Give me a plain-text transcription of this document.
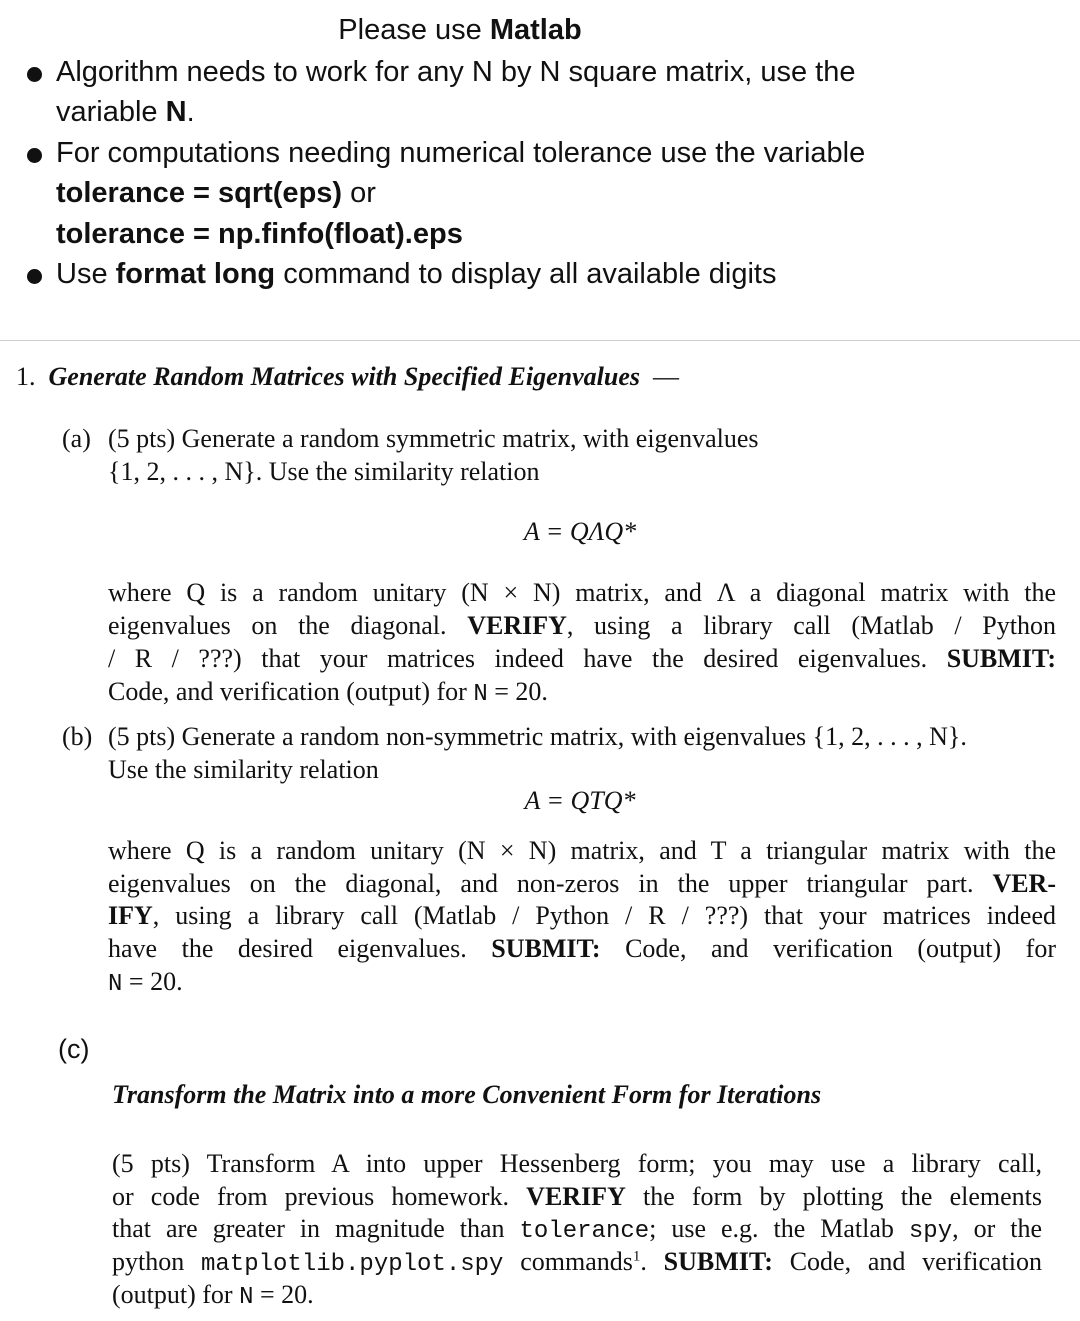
Please use Matlab
Algorithm needs to work for any N by N square matrix, use the
variable N.
For computations needing numerical tolerance use the variable
tolerance = sqrt(eps) or
tolerance = np.finfo(float).eps
Use format long command to display all available digits
1. Generate Random Matrices with Specified Eigenvalues —
(a) (5 pts) Generate a random symmetric matrix, with eigenvalues
{1, 2, . . . , N}. Use the similarity relation
A = QΛQ*
where Q is a random unitary (N × N) matrix, and Λ a diagonal matrix with the
eigenvalues on the diagonal. VERIFY, using a library call (Matlab / Python
/ R / ???) that your matrices indeed have the desired eigenvalues. SUBMIT:
Code, and verification (output) for N = 20.
(b) (5 pts) Generate a random non-symmetric matrix, with eigenvalues {1, 2, . . . , N}.
Use the similarity relation
A = QTQ*
where Q is a random unitary (N × N) matrix, and T a triangular matrix with the
eigenvalues on the diagonal, and non-zeros in the upper triangular part. VER-
IFY, using a library call (Matlab / Python / R / ???) that your matrices indeed
have the desired eigenvalues. SUBMIT: Code, and verification (output) for
N = 20.
(c)
Transform the Matrix into a more Convenient Form for Iterations
(5 pts) Transform A into upper Hessenberg form; you may use a library call,
or code from previous homework. VERIFY the form by plotting the elements
that are greater in magnitude than tolerance; use e.g. the Matlab spy, or the
python matplotlib.pyplot.spy commands$^1$. SUBMIT: Code, and verification
(output) for N = 20.
